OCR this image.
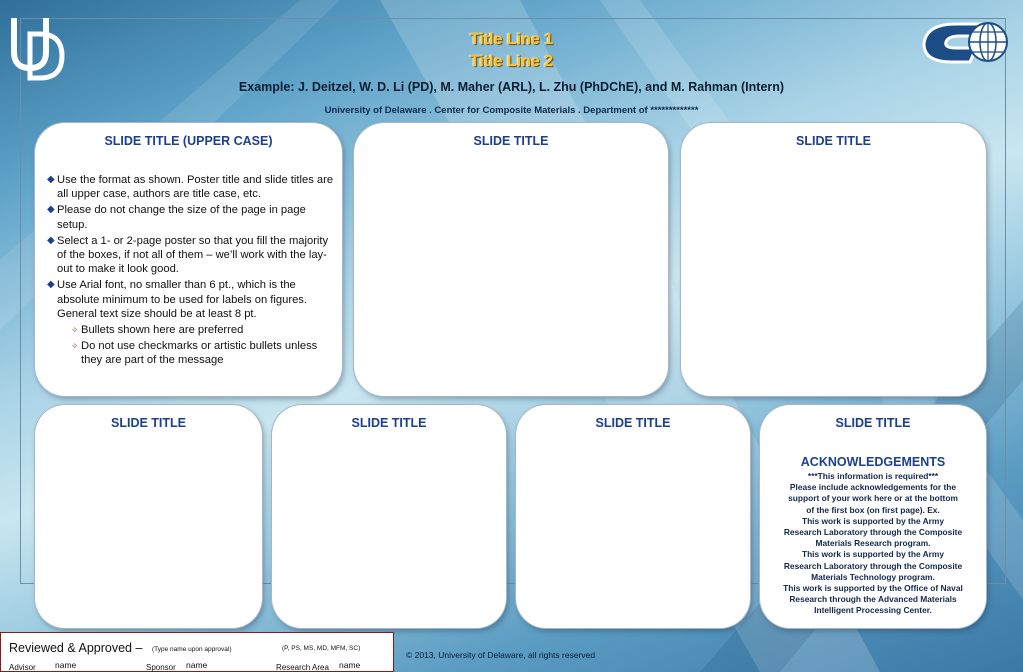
Title Line 1
Title Line 2
Example: J. Deitzel, W. D. Li (PD), M. Maher (ARL), L. Zhu (PhDChE), and M. Rahman (Intern)
University of Delaware . Center for Composite Materials . Department of *************
SLIDE TITLE (UPPER CASE)
◆ Use the format as shown. Poster title and slide titles are all upper case, authors are title case, etc.
◆ Please do not change the size of the page in page setup.
◆ Select a 1- or 2-page poster so that you fill the majority of the boxes, if not all of them – we’ll work with the lay-out to make it look good.
◆ Use Arial font, no smaller than 6 pt., which is the absolute minimum to be used for labels on figures. General text size should be at least 8 pt.
✧ Bullets shown here are preferred
✧ Do not use checkmarks or artistic bullets unless they are part of the message
SLIDE TITLE	SLIDE TITLE
SLIDE TITLE	SLIDE TITLE	SLIDE TITLE	SLIDE TITLE
ACKNOWLEDGEMENTS
***This information is required***
Please include acknowledgements for the
support of your work here or at the bottom
of the first box (on first page). Ex.
This work is supported by the Army
Research Laboratory through the Composite
Materials Research program.
This work is supported by the Army
Research Laboratory through the Composite
Materials Technology program.
This work is supported by the Office of Naval
Research through the Advanced Materials
Intelligent Processing Center.
Reviewed & Approved – (Type name upon approval)	(P, PS, MS, MD, MFM, SC)
Advisor name	Sponsor name	Research Area name
© 2013, University of Delaware, all rights reserved
